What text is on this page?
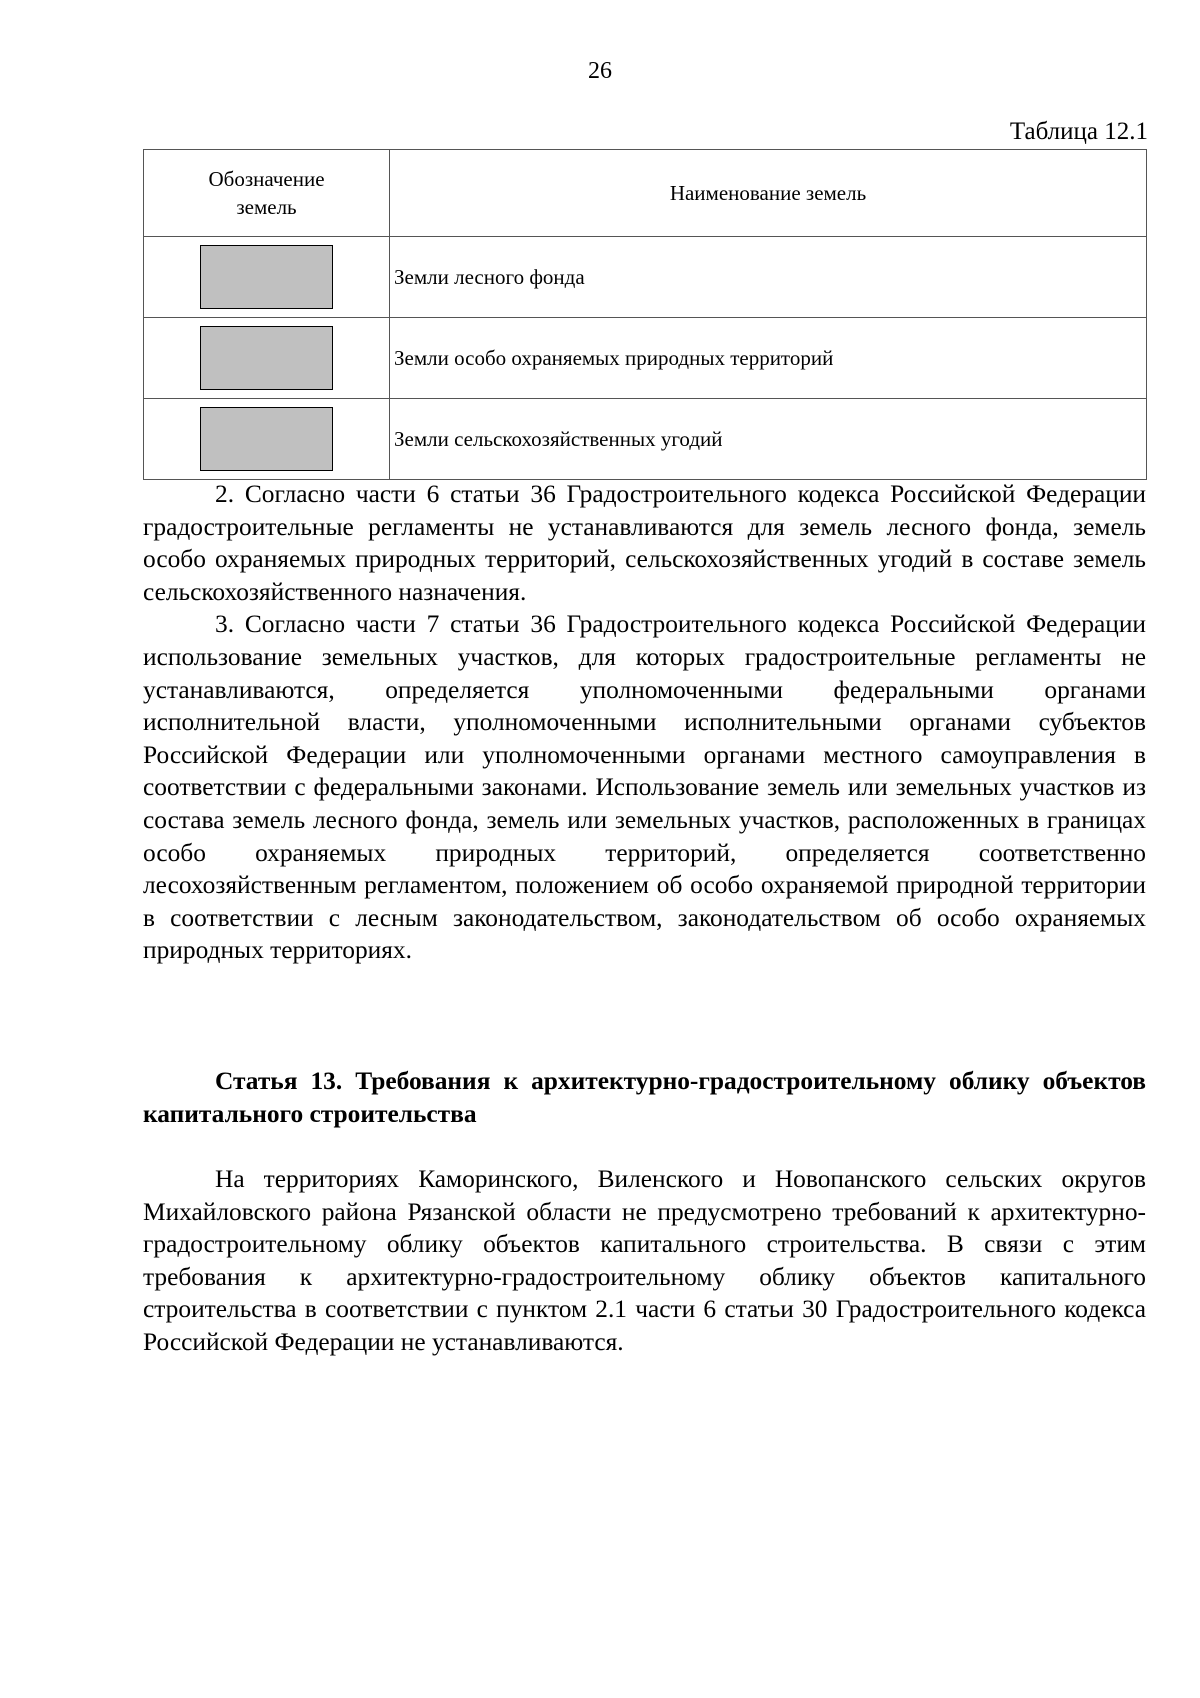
26
Таблица 12.1
Обозначение земель	Наименование земель

	Земли лесного фонда

	Земли особо охраняемых природных территорий

	Земли сельскохозяйственных угодий

2. Согласно части 6 статьи 36 Градостроительного кодекса Российской Федерации градостроительные регламенты не устанавливаются для земель лесного фонда, земель особо охраняемых природных территорий, сельскохозяйственных угодий в составе земель сельскохозяйственного назначения.

3. Согласно части 7 статьи 36 Градостроительного кодекса Российской Федерации использование земельных участков, для которых градостроительные регламенты не устанавливаются, определяется уполномоченными федеральными органами исполнительной власти, уполномоченными исполнительными органами субъектов Российской Федерации или уполномоченными органами местного самоуправления в соответствии с федеральными законами. Использование земель или земельных участков из состава земель лесного фонда, земель или земельных участков, расположенных в границах особо охраняемых природных территорий, определяется соответственно лесохозяйственным регламентом, положением об особо охраняемой природной территории в соответствии с лесным законодательством, законодательством об особо охраняемых природных территориях.

Статья 13. Требования к архитектурно-градостроительному облику объектов капитального строительства

На территориях Каморинского, Виленского и Новопанского сельских округов Михайловского района Рязанской области не предусмотрено требований к архитектурно-градостроительному облику объектов капитального строительства. В связи с этим требования к архитектурно-градостроительному облику объектов капитального строительства в соответствии с пунктом 2.1 части 6 статьи 30 Градостроительного кодекса Российской Федерации не устанавливаются.
